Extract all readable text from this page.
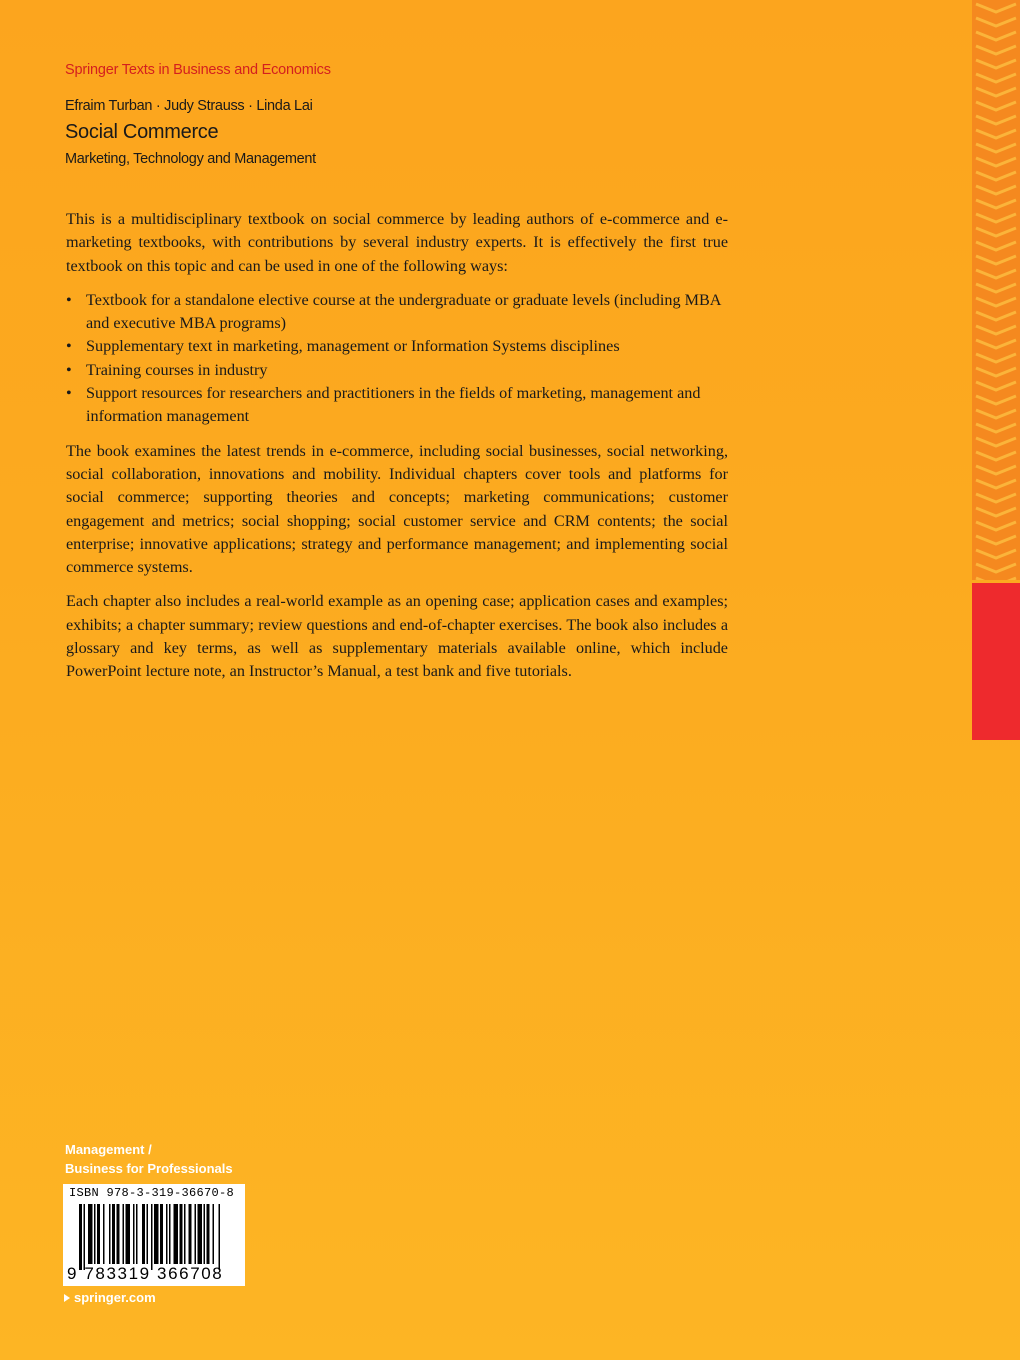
Springer Texts in Business and Economics
Efraim Turban · Judy Strauss · Linda Lai
Social Commerce
Marketing, Technology and Management

This is a multidisciplinary textbook on social commerce by leading authors of e-commerce and e-marketing textbooks, with contributions by several industry experts. It is effectively the first true textbook on this topic and can be used in one of the following ways:

• Textbook for a standalone elective course at the undergraduate or graduate levels (including MBA and executive MBA programs)
• Supplementary text in marketing, management or Information Systems disciplines
• Training courses in industry
• Support resources for researchers and practitioners in the fields of marketing, management and information management

The book examines the latest trends in e-commerce, including social businesses, social networking, social collaboration, innovations and mobility. Individual chapters cover tools and platforms for social commerce; supporting theories and concepts; marketing communications; customer engagement and metrics; social shopping; social customer service and CRM contents; the social enterprise; innovative applications; strategy and performance management; and implementing social commerce systems.

Each chapter also includes a real-world example as an opening case; application cases and examples; exhibits; a chapter summary; review questions and end-of-chapter exercises. The book also includes a glossary and key terms, as well as supplementary materials available online, which include PowerPoint lecture note, an Instructor’s Manual, a test bank and five tutorials.

Management /
Business for Professionals
ISBN 978-3-319-36670-8
9 783319 366708
springer.com
